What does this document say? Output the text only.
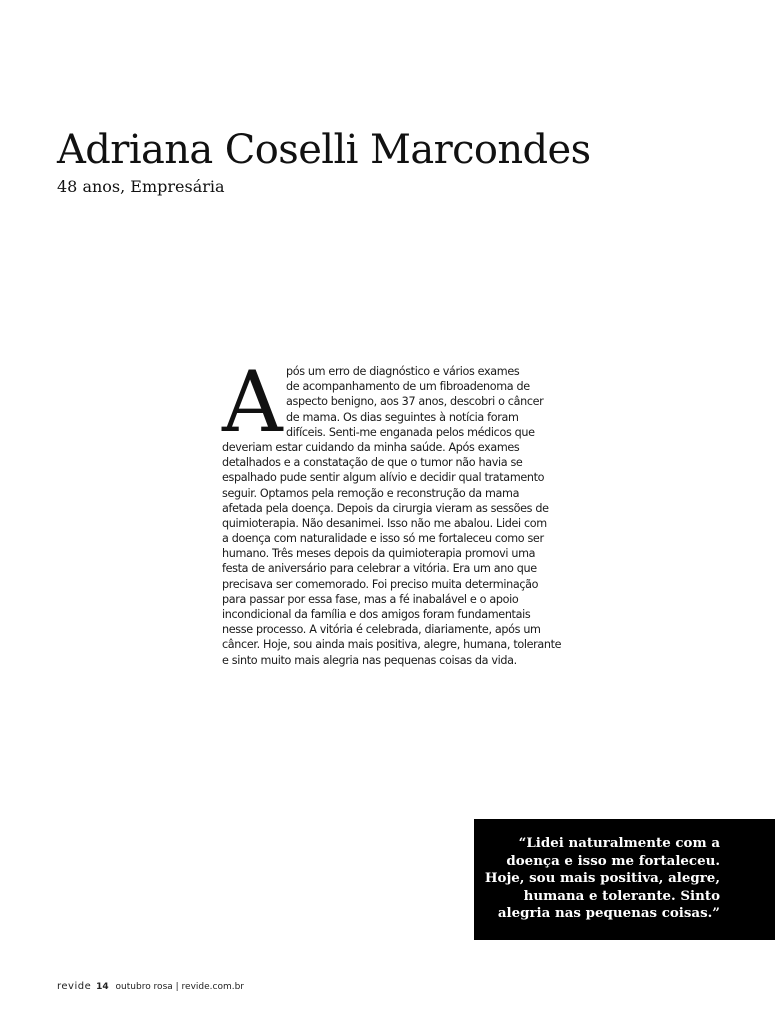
Adriana Coselli Marcondes

48 anos, Empresária

A pós um erro de diagnóstico e vários exames
de acompanhamento de um fibroadenoma de
aspecto benigno, aos 37 anos, descobri o câncer
de mama. Os dias seguintes à notícia foram
difíceis. Senti-me enganada pelos médicos que
deveriam estar cuidando da minha saúde. Após exames
detalhados e a constatação de que o tumor não havia se
espalhado pude sentir algum alívio e decidir qual tratamento
seguir. Optamos pela remoção e reconstrução da mama
afetada pela doença. Depois da cirurgia vieram as sessões de
quimioterapia. Não desanimei. Isso não me abalou. Lidei com
a doença com naturalidade e isso só me fortaleceu como ser
humano. Três meses depois da quimioterapia promovi uma
festa de aniversário para celebrar a vitória. Era um ano que
precisava ser comemorado. Foi preciso muita determinação
para passar por essa fase, mas a fé inabalável e o apoio
incondicional da família e dos amigos foram fundamentais
nesse processo. A vitória é celebrada, diariamente, após um
câncer. Hoje, sou ainda mais positiva, alegre, humana, tolerante
e sinto muito mais alegria nas pequenas coisas da vida.
“Lidei naturalmente com a
doença e isso me fortaleceu.
Hoje, sou mais positiva, alegre,
humana e tolerante. Sinto
alegria nas pequenas coisas.”
revide 14 outubro rosa | revide.com.br
